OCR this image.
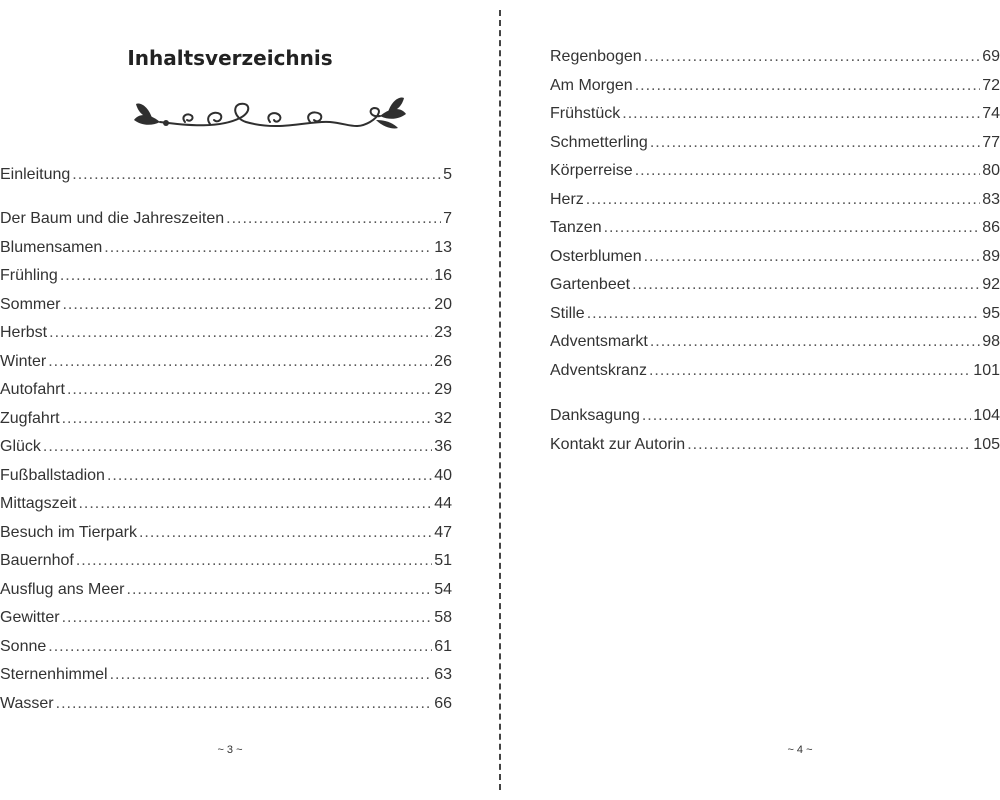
Inhaltsverzeichnis
Einleitung .....	5
Der Baum und die Jahreszeiten .....	7
Blumensamen .....	13
Frühling .....	16
Sommer .....	20
Herbst .....	23
Winter .....	26
Autofahrt .....	29
Zugfahrt .....	32
Glück .....	36
Fußballstadion .....	40
Mittagszeit .....	44
Besuch im Tierpark .....	47
Bauernhof .....	51
Ausflug ans Meer .....	54
Gewitter .....	58
Sonne .....	61
Sternenhimmel .....	63
Wasser .....	66
~ 3 ~
Regenbogen .....	69
Am Morgen .....	72
Frühstück .....	74
Schmetterling .....	77
Körperreise .....	80
Herz .....	83
Tanzen .....	86
Osterblumen .....	89
Gartenbeet .....	92
Stille .....	95
Adventsmarkt .....	98
Adventskranz .....	101
Danksagung .....	104
Kontakt zur Autorin .....	105
~ 4 ~
